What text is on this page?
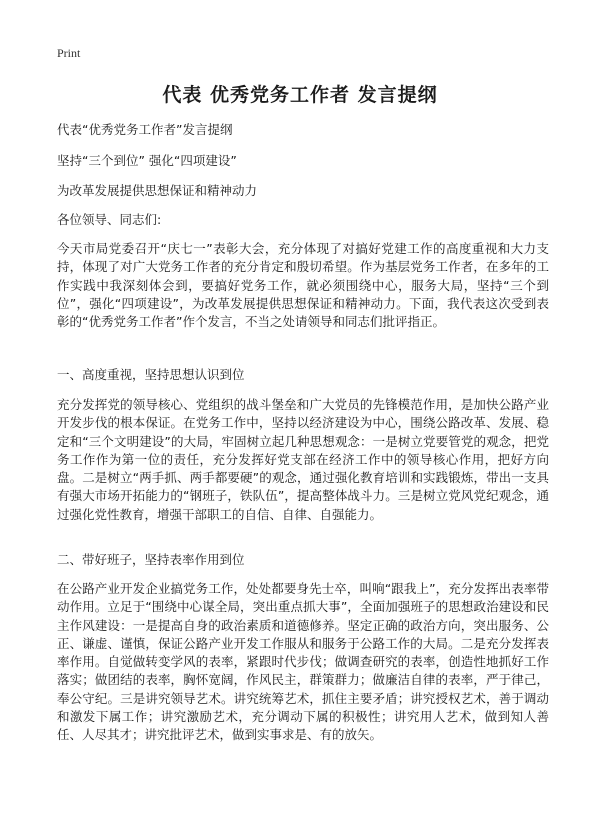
Print
代表 优秀党务工作者 发言提纲
代表“优秀党务工作者”发言提纲
坚持“三个到位” 强化“四项建设”
为改革发展提供思想保证和精神动力
各位领导、同志们:
今天市局党委召开“庆七一”表彰大会，充分体现了对搞好党建工作的高度重视和大力支持，体现了对广大党务工作者的充分肯定和殷切希望。作为基层党务工作者，在多年的工作实践中我深刻体会到，要搞好党务工作，就必须围绕中心，服务大局，坚持“三个到位”，强化“四项建设”，为改革发展提供思想保证和精神动力。下面，我代表这次受到表彰的“优秀党务工作者”作个发言，不当之处请领导和同志们批评指正。
一、高度重视，坚持思想认识到位
充分发挥党的领导核心、党组织的战斗堡垒和广大党员的先锋模范作用，是加快公路产业开发步伐的根本保证。在党务工作中，坚持以经济建设为中心，围绕公路改革、发展、稳定和“三个文明建设”的大局，牢固树立起几种思想观念：一是树立党要管党的观念，把党务工作作为第一位的责任，充分发挥好党支部在经济工作中的领导核心作用，把好方向盘。二是树立“两手抓、两手都要硬”的观念，通过强化教育培训和实践锻炼，带出一支具有强大市场开拓能力的“钢班子，铁队伍”，提高整体战斗力。三是树立党风党纪观念，通过强化党性教育，增强干部职工的自信、自律、自强能力。
二、带好班子，坚持表率作用到位
在公路产业开发企业搞党务工作，处处都要身先士卒，叫响“跟我上”，充分发挥出表率带动作用。立足于“围绕中心谋全局，突出重点抓大事”，全面加强班子的思想政治建设和民主作风建设：一是提高自身的政治素质和道德修养。坚定正确的政治方向，突出服务、公正、谦虚、谨慎，保证公路产业开发工作服从和服务于公路工作的大局。二是充分发挥表率作用。自觉做转变学风的表率，紧跟时代步伐；做调查研究的表率，创造性地抓好工作落实；做团结的表率，胸怀宽阔，作风民主，群策群力；做廉洁自律的表率，严于律己，奉公守纪。三是讲究领导艺术。讲究统筹艺术，抓住主要矛盾；讲究授权艺术，善于调动和激发下属工作；讲究激励艺术，充分调动下属的积极性；讲究用人艺术，做到知人善任、人尽其才；讲究批评艺术，做到实事求是、有的放矢。
